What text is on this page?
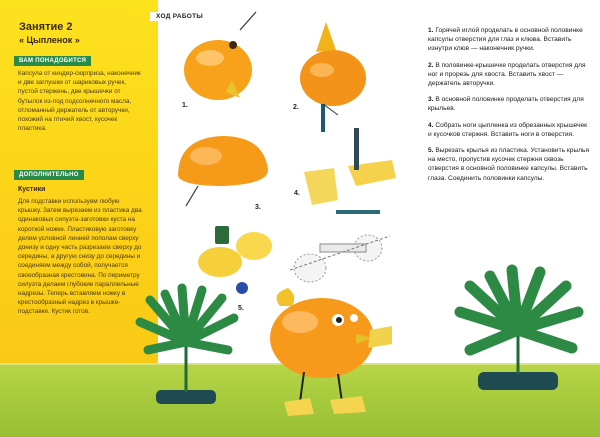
Занятие 2
« Цыпленок »
ВАМ ПОНАДОБИТСЯ
Капсула от киндер-сюрприза, наконечник и две заглушки от шариковых ручек, пустой стержень, две крышечки от бутылок из-под подсолнечного масла, отломанный держатель от авторучки, похожий на птичий хвост, кусочек пластика.
ДОПОЛНИТЕЛЬНО
Кустики
Для подставки используем любую крышку. Затем вырезаем из пластика два одинаковых силуэта-заготовки куста на короткой ножке. Пластиковую заготовку делим условной линией пополам сверху донизу и одну часть разрезаем сверху до середины, а другую снизу до середины и соединяем между собой, получается своеобразная крестовина. По периметру силуэта делаем глубокие параллельные надрезы. Теперь вставляем ножку в крестообразный надрез в крышке-подставке. Кустик готов.
ХОД РАБОТЫ
1.	2.
3.
4.
5.
1. Горячей иглой проделать в основной половинке капсулы отверстия для глаз и клюва. Вставить изнутри клюв — наконечник ручки.
2. В половинке-крышечке проделать отверстия для ног и прорезь для хвоста. Вставить хвост — держатель авторучки.
3. В основной половинке проделать отверстия для крыльев.
4. Собрать ноги цыпленка из обрезанных крышечек и кусочков стержня. Вставить ноги в отверстия.
5. Вырезать крылья из пластика. Установить крылья на место, пропустив кусочек стержня сквозь отверстия в основной половинке капсулы. Вставить глаза. Соединить половинки капсулы.
